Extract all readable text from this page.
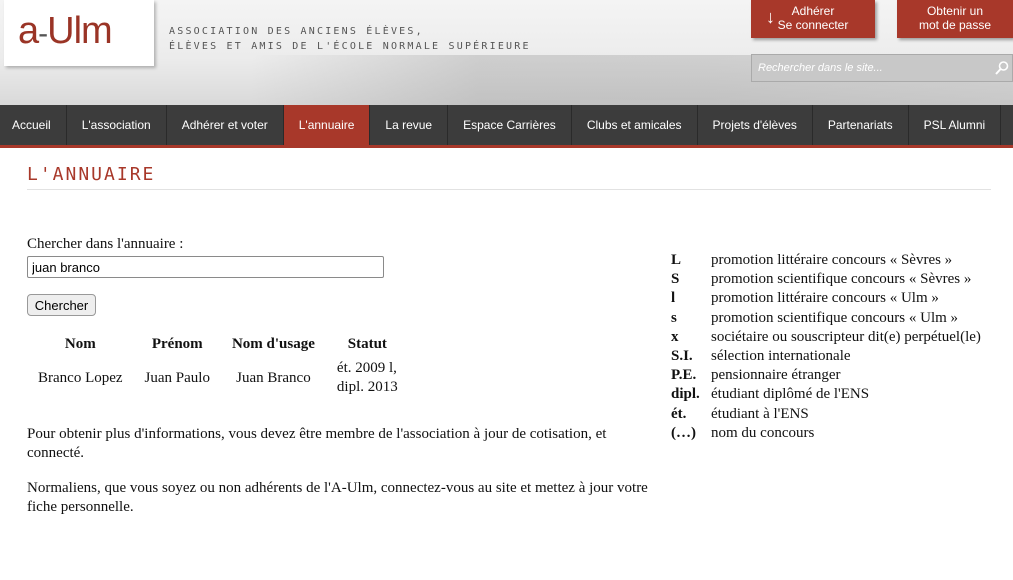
a-Ulm	ASSOCIATION DES ANCIENS ÉLÈVES,
ÉLÈVES ET AMIS DE L'ÉCOLE NORMALE SUPÉRIEURE
↓	Adhérer
Se connecter
Obtenir un
mot de passe
Rechercher dans le site...
Accueil	L'association	Adhérer et voter	L'annuaire	La revue	Espace Carrières	Clubs et amicales	Projets d'élèves	Partenariats	PSL Alumni
L'ANNUAIRE
Chercher dans l'annuaire :
juan branco
Chercher
Nom	Prénom	Nom d'usage	Statut
Branco Lopez	Juan Paulo	Juan Branco	ét. 2009 l,
dipl. 2013
Pour obtenir plus d'informations, vous devez être membre de l'association à jour de cotisation, et connecté.
Normaliens, que vous soyez ou non adhérents de l'A-Ulm, connectez-vous au site et mettez à jour votre fiche personnelle.
L	promotion littéraire concours « Sèvres »
S	promotion scientifique concours « Sèvres »
l	promotion littéraire concours « Ulm »
s	promotion scientifique concours « Ulm »
x	sociétaire ou souscripteur dit(e) perpétuel(le)
S.I.	sélection internationale
P.E. pensionnaire étranger
dipl. étudiant diplômé de l'ENS
ét.	étudiant à l'ENS
(…)	nom du concours
